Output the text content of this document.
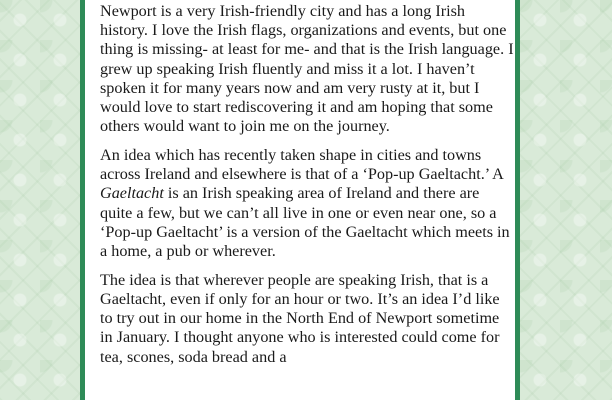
Newport is a very Irish-friendly city and has a long Irish history. I love the Irish flags, organizations and events, but one thing is missing- at least for me- and that is the Irish language. I grew up speaking Irish fluently and miss it a lot. I haven’t spoken it for many years now and am very rusty at it, but I would love to start rediscovering it and am hoping that some others would want to join me on the journey.

An idea which has recently taken shape in cities and towns across Ireland and elsewhere is that of a ‘Pop-up Gaeltacht.’ A Gaeltacht is an Irish speaking area of Ireland and there are quite a few, but we can’t all live in one or even near one, so a ‘Pop-up Gaeltacht’ is a version of the Gaeltacht which meets in a home, a pub or wherever.

The idea is that wherever people are speaking Irish, that is a Gaeltacht, even if only for an hour or two. It’s an idea I’d like to try out in our home in the North End of Newport sometime in January. I thought anyone who is interested could come for tea, scones, soda bread and a
